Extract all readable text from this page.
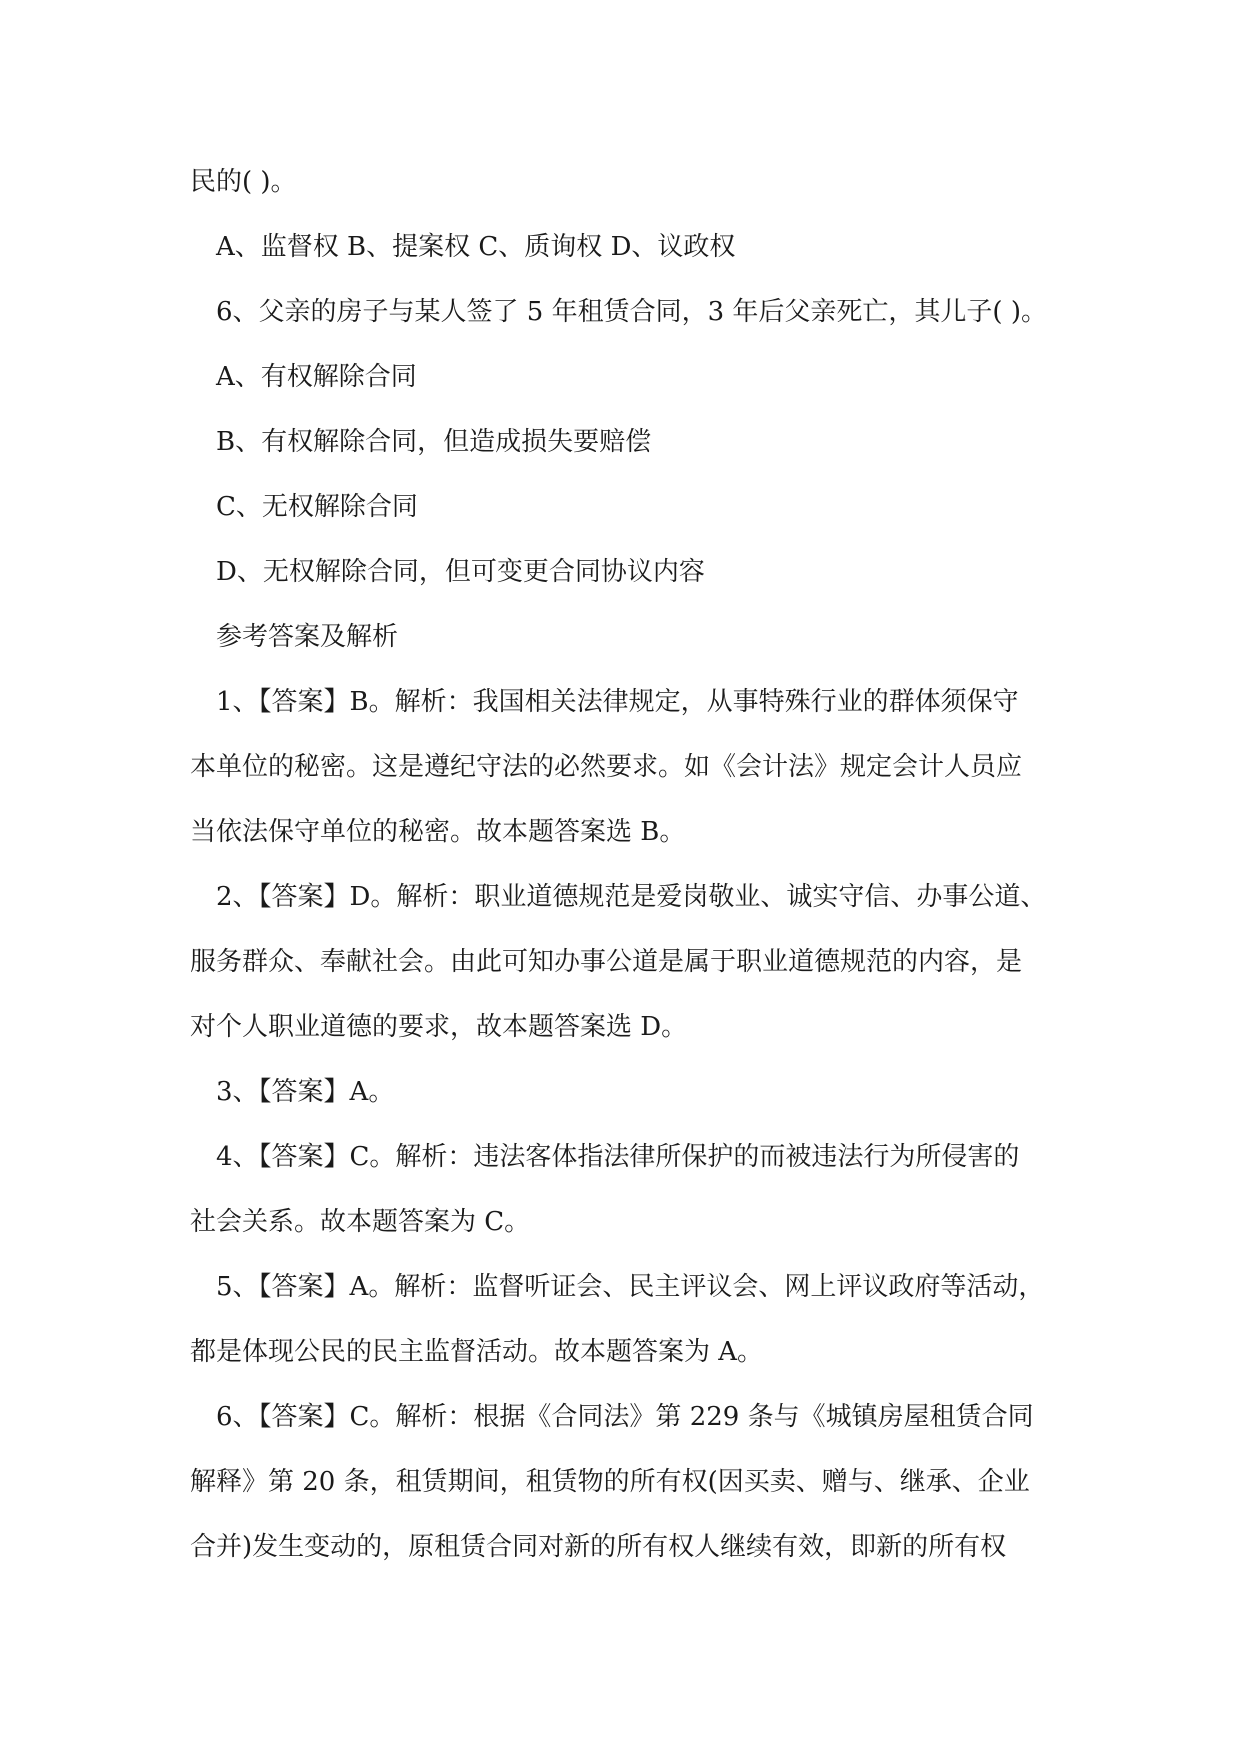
民的( )。

A、监督权 B、提案权 C、质询权 D、议政权

6、父亲的房子与某人签了 5 年租赁合同，3 年后父亲死亡，其儿子( )。

A、有权解除合同

B、有权解除合同，但造成损失要赔偿

C、无权解除合同

D、无权解除合同，但可变更合同协议内容

参考答案及解析

1、【答案】B。解析：我国相关法律规定，从事特殊行业的群体须保守

本单位的秘密。这是遵纪守法的必然要求。如《会计法》规定会计人员应

当依法保守单位的秘密。故本题答案选 B。

2、【答案】D。解析：职业道德规范是爱岗敬业、诚实守信、办事公道、

服务群众、奉献社会。由此可知办事公道是属于职业道德规范的内容，是

对个人职业道德的要求，故本题答案选 D。

3、【答案】A。

4、【答案】C。解析：违法客体指法律所保护的而被违法行为所侵害的

社会关系。故本题答案为 C。

5、【答案】A。解析：监督听证会、民主评议会、网上评议政府等活动，

都是体现公民的民主监督活动。故本题答案为 A。

6、【答案】C。解析：根据《合同法》第 229 条与《城镇房屋租赁合同

解释》第 20 条，租赁期间，租赁物的所有权(因买卖、赠与、继承、企业

合并)发生变动的，原租赁合同对新的所有权人继续有效，即新的所有权
